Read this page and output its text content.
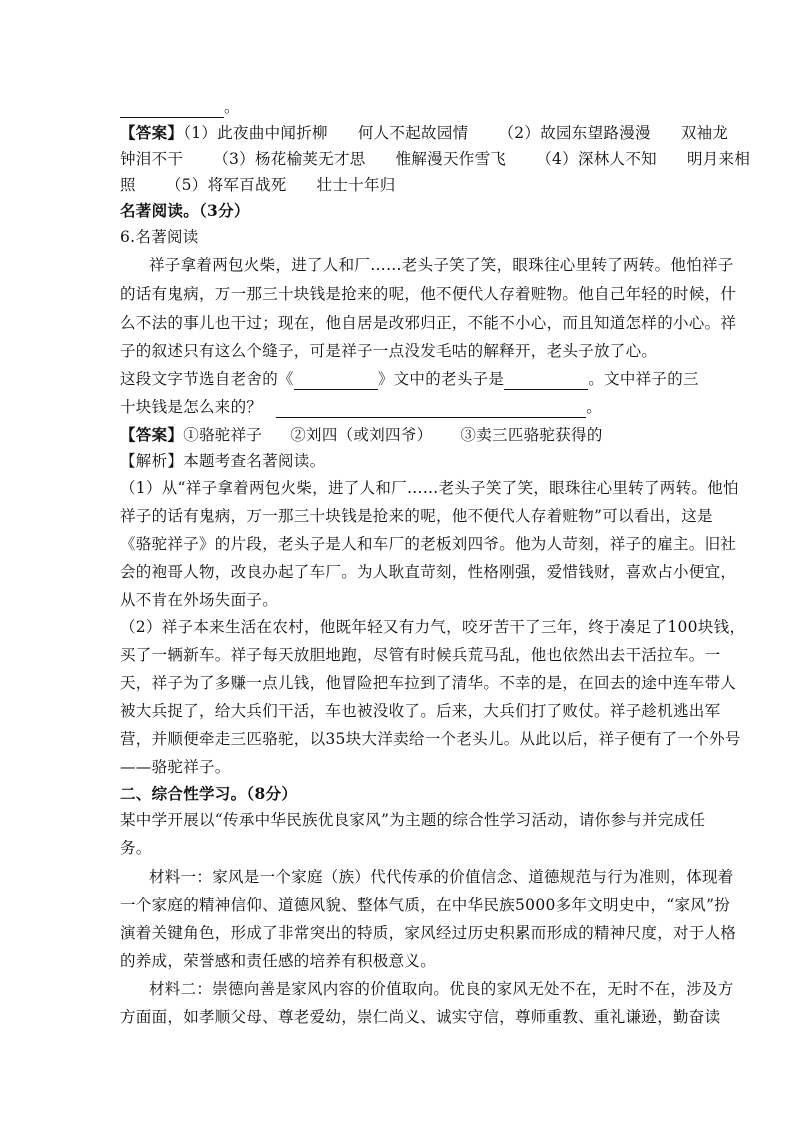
。
【答案】（1）此夜曲中闻折柳 何人不起故园情 （2）故园东望路漫漫 双袖龙
钟泪不干 （3）杨花榆荚无才思 惟解漫天作雪飞 （4）深林人不知 明月来相
照 （5）将军百战死 壮士十年归
名著阅读。（3分）
6.名著阅读
祥子拿着两包火柴，进了人和厂……老头子笑了笑，眼珠往心里转了两转。他怕祥子
的话有鬼病，万一那三十块钱是抢来的呢，他不便代人存着赃物。他自己年轻的时候，什
么不法的事儿也干过；现在，他自居是改邪归正，不能不小心，而且知道怎样的小心。祥
子的叙述只有这么个缝子，可是祥子一点没发毛咕的解释开，老头子放了心。
这段文字节选自老舍的《	》文中的老头子是	。文中祥子的三
十块钱是怎么来的？	。
【答案】①骆驼祥子 ②刘四（或刘四爷） ③卖三匹骆驼获得的
【解析】本题考查名著阅读。
（1）从“祥子拿着两包火柴，进了人和厂……老头子笑了笑，眼珠往心里转了两转。他怕
祥子的话有鬼病，万一那三十块钱是抢来的呢，他不便代人存着赃物”可以看出，这是
《骆驼祥子》的片段，老头子是人和车厂的老板刘四爷。他为人苛刻，祥子的雇主。旧社
会的袍哥人物，改良办起了车厂。为人耿直苛刻，性格刚强，爱惜钱财，喜欢占小便宜，
从不肯在外场失面子。
（2）祥子本来生活在农村，他既年轻又有力气，咬牙苦干了三年，终于凑足了100块钱，
买了一辆新车。祥子每天放胆地跑，尽管有时候兵荒马乱，他也依然出去干活拉车。一
天，祥子为了多赚一点儿钱，他冒险把车拉到了清华。不幸的是，在回去的途中连车带人
被大兵捉了，给大兵们干活，车也被没收了。后来，大兵们打了败仗。祥子趁机逃出军
营，并顺便牵走三匹骆驼，以35块大洋卖给一个老头儿。从此以后，祥子便有了一个外号
——骆驼祥子。
二、综合性学习。（8分）
某中学开展以“传承中华民族优良家风”为主题的综合性学习活动，请你参与并完成任
务。
材料一：家风是一个家庭（族）代代传承的价值信念、道德规范与行为准则，体现着
一个家庭的精神信仰、道德风貌、整体气质，在中华民族5000多年文明史中，“家风”扮
演着关键角色，形成了非常突出的特质，家风经过历史积累而形成的精神尺度，对于人格
的养成，荣誉感和责任感的培养有积极意义。
材料二：崇德向善是家风内容的价值取向。优良的家风无处不在，无时不在，涉及方
方面面，如孝顺父母、尊老爱幼，崇仁尚义、诚实守信，尊师重教、重礼谦逊，勤奋读
